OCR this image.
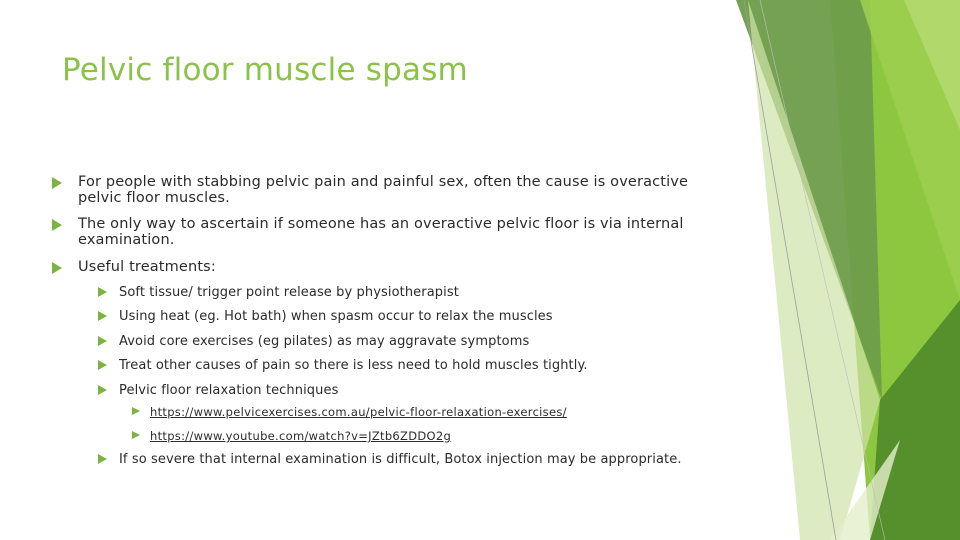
Pelvic floor muscle spasm
For people with stabbing pelvic pain and painful sex, often the cause is overactive
pelvic floor muscles.
The only way to ascertain if someone has an overactive pelvic floor is via internal
examination.
Useful treatments:
Soft tissue/ trigger point release by physiotherapist
Using heat (eg. Hot bath) when spasm occur to relax the muscles
Avoid core exercises (eg pilates) as may aggravate symptoms
Treat other causes of pain so there is less need to hold muscles tightly.
Pelvic floor relaxation techniques
https://www.pelvicexercises.com.au/pelvic-floor-relaxation-exercises/
https://www.youtube.com/watch?v=JZtb6ZDDO2g
If so severe that internal examination is difficult, Botox injection may be appropriate.
